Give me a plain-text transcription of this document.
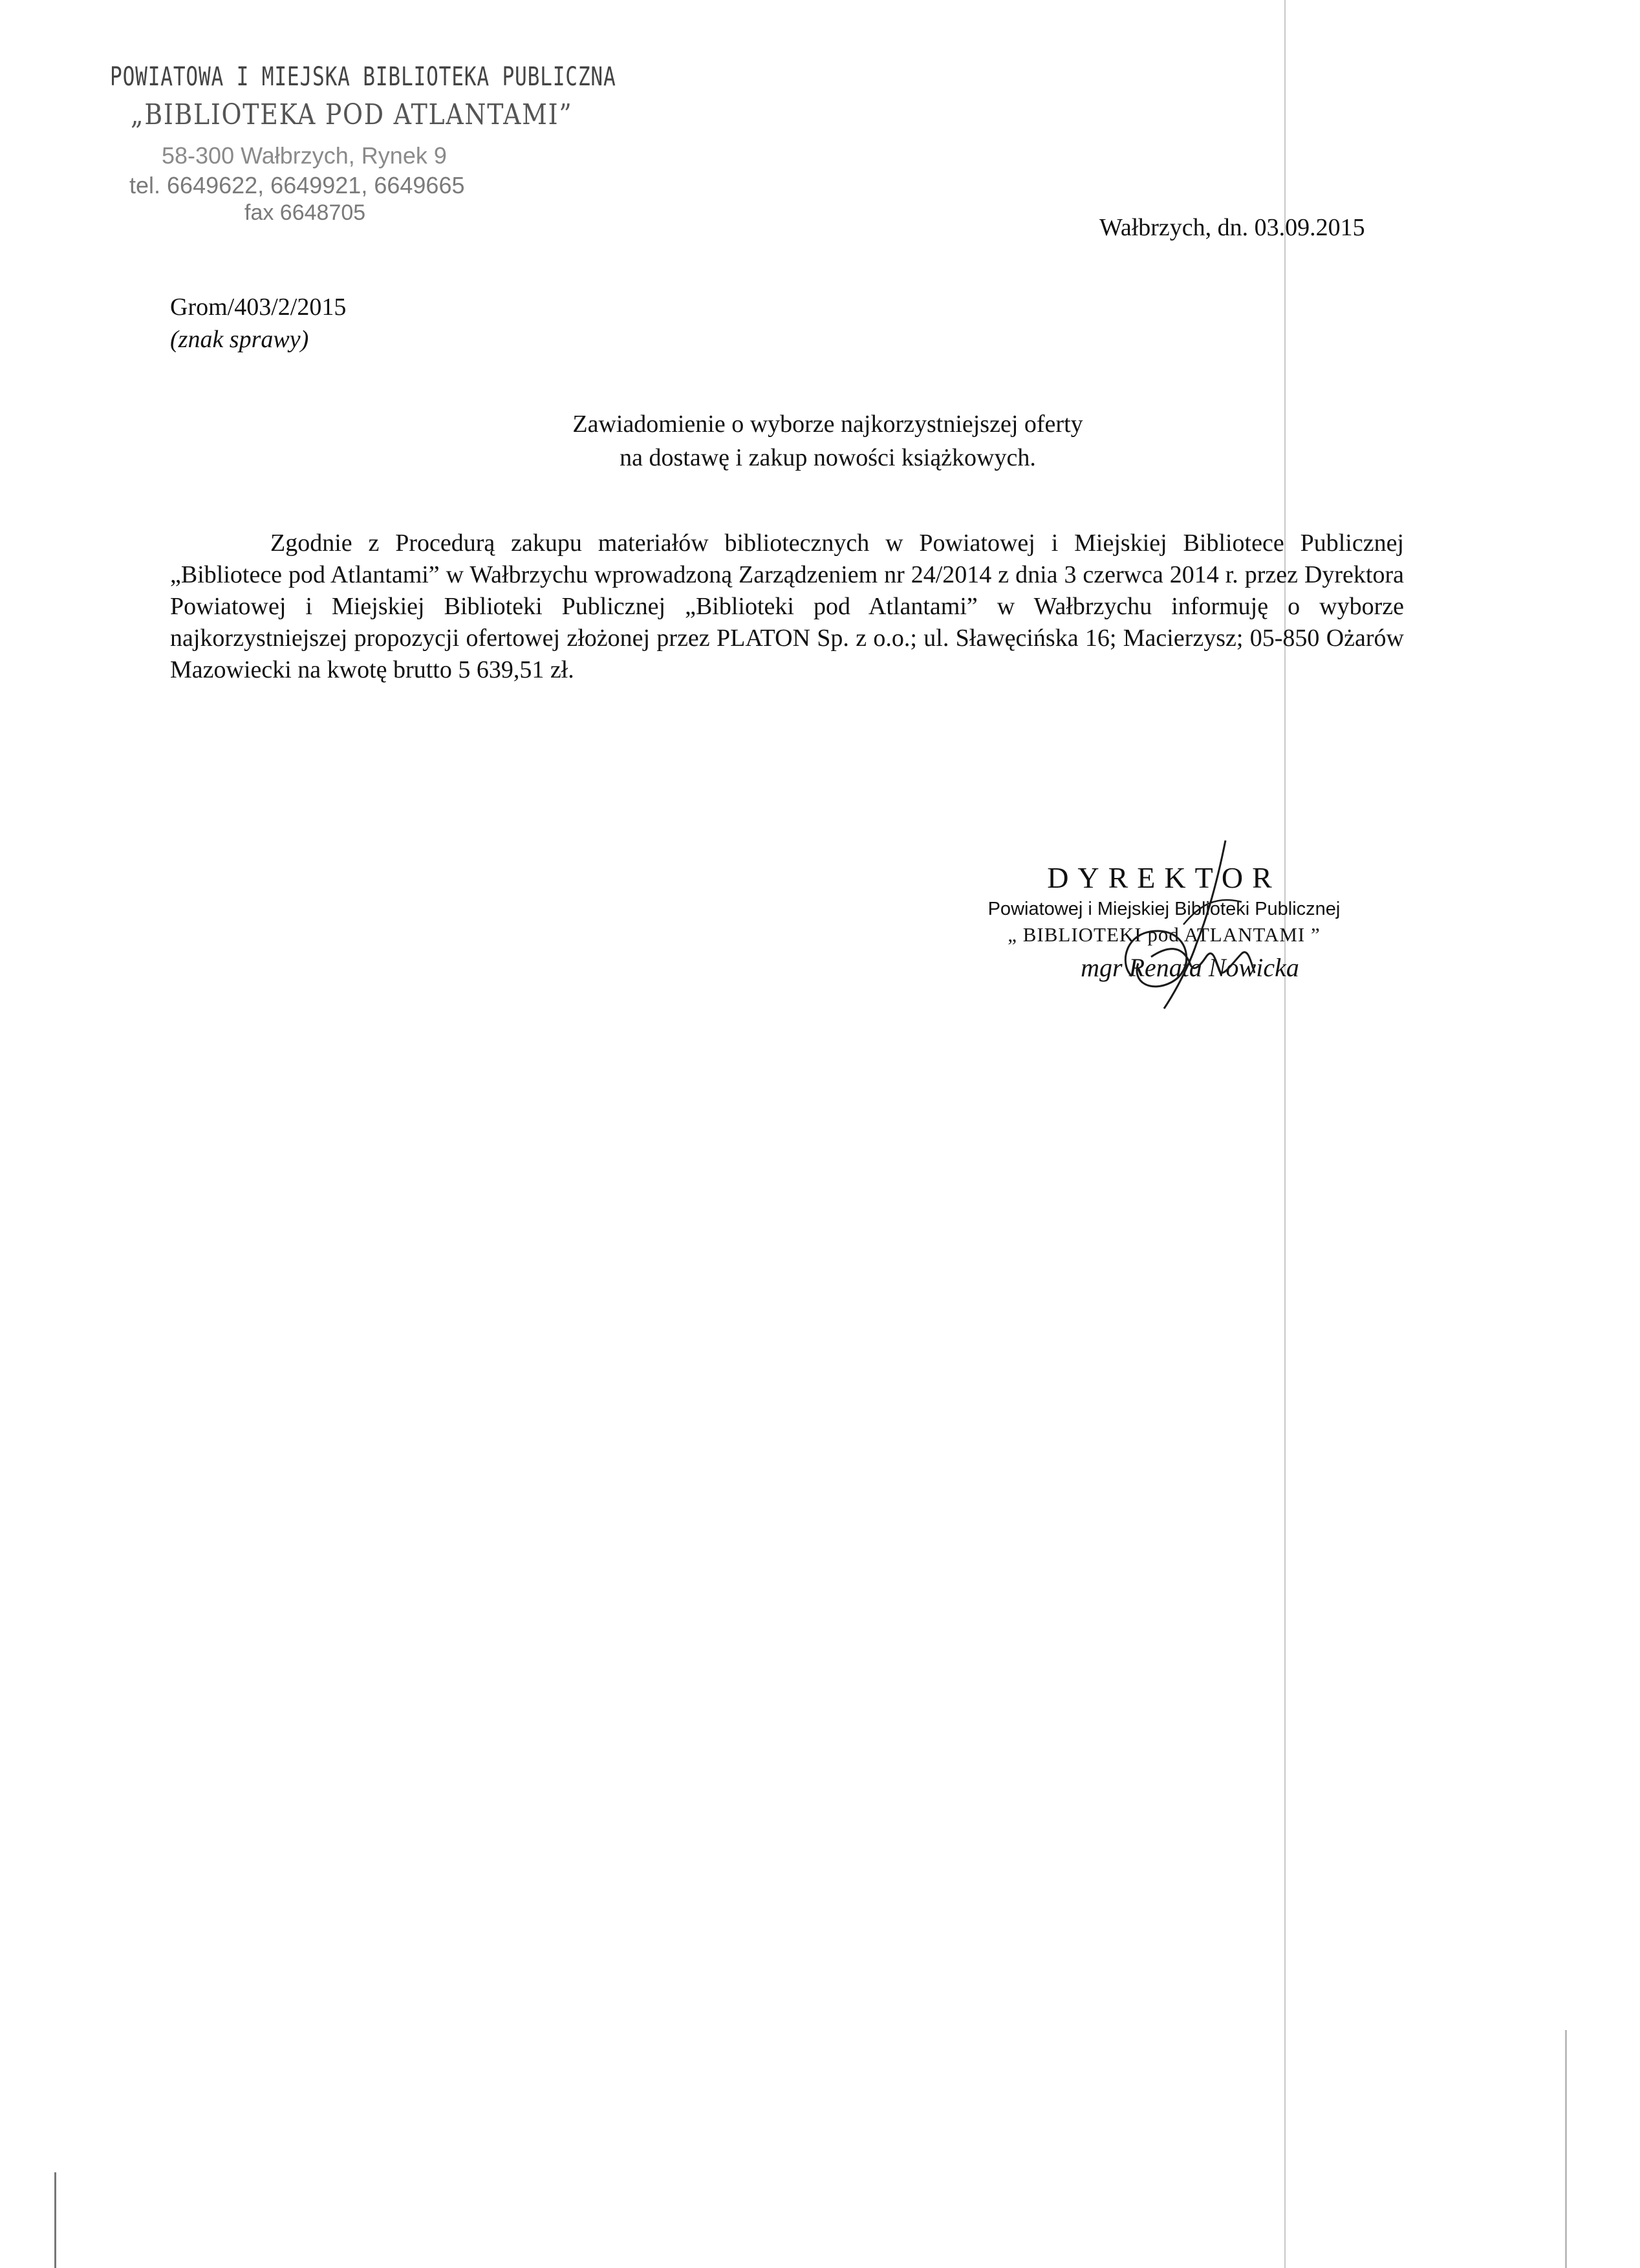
POWIATOWA I MIEJSKA BIBLIOTEKA PUBLICZNA
„BIBLIOTEKA POD ATLANTAMI”
58-300 Wałbrzych, Rynek 9
tel. 6649622, 6649921, 6649665
fax 6648705
Wałbrzych, dn. 03.09.2015
Grom/403/2/2015
(znak sprawy)
Zawiadomienie o wyborze najkorzystniejszej oferty
na dostawę i zakup nowości książkowych.
Zgodnie z Procedurą zakupu materiałów bibliotecznych w Powiatowej i Miejskiej Bibliotece Publicznej „Bibliotece pod Atlantami” w Wałbrzychu wprowadzoną Zarządzeniem nr 24/2014 z dnia 3 czerwca 2014 r. przez Dyrektora Powiatowej i Miejskiej Biblioteki Publicznej „Biblioteki pod Atlantami” w Wałbrzychu informuję o wyborze najkorzystniejszej propozycji ofertowej złożonej przez PLATON Sp. z o.o.; ul. Sławęcińska 16; Macierzysz; 05-850 Ożarów Mazowiecki na kwotę brutto 5 639,51 zł.
DYREKTOR
Powiatowej i Miejskiej Biblioteki Publicznej
„ BIBLIOTEKI pod ATLANTAMI ”
mgr Renata Nowicka
